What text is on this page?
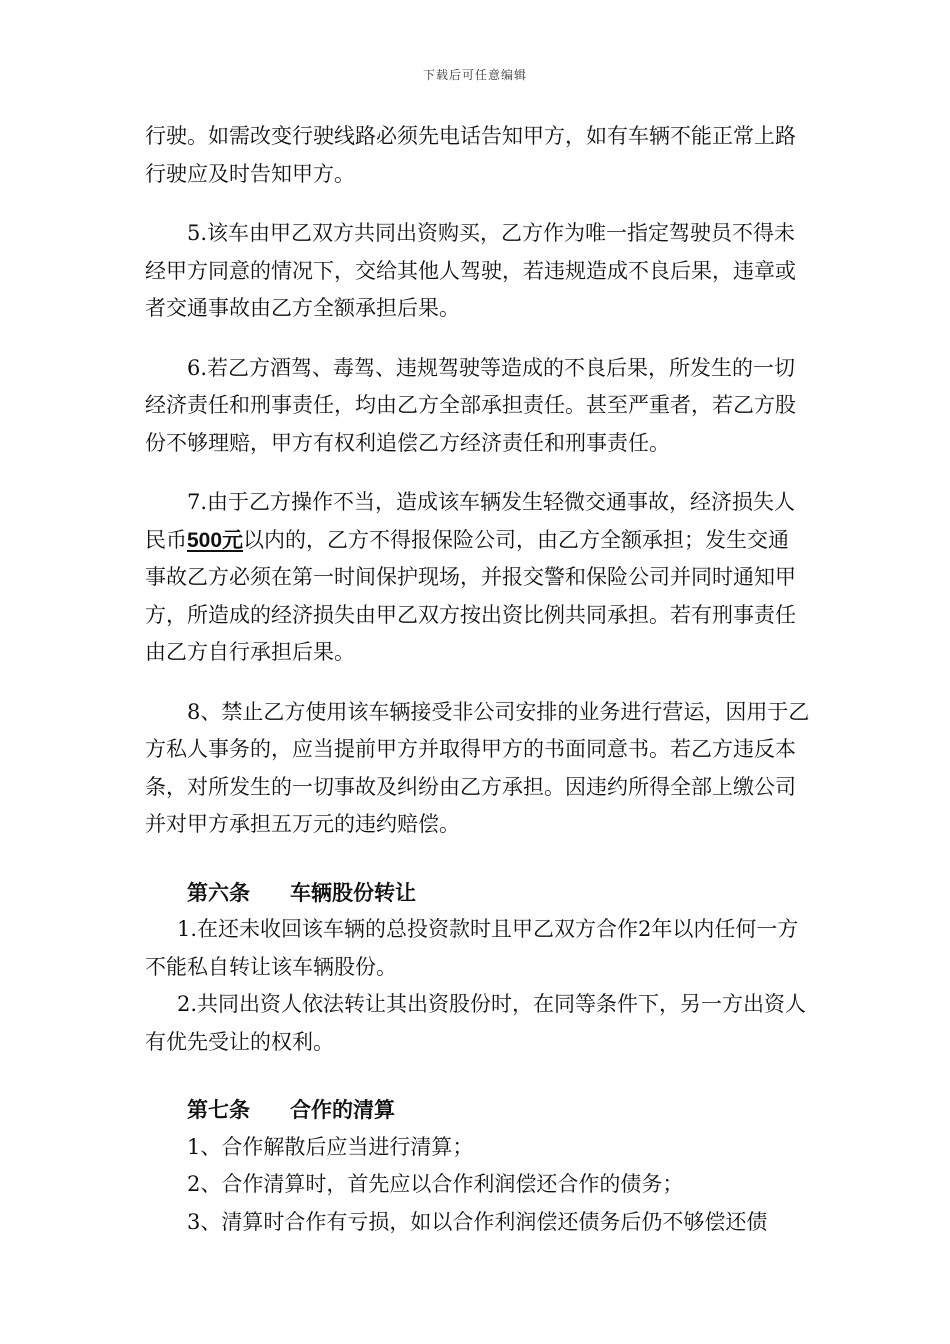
下载后可任意编辑

行驶。如需改变行驶线路必须先电话告知甲方，如有车辆不能正常上路行驶应及时告知甲方。

5.该车由甲乙双方共同出资购买，乙方作为唯一指定驾驶员不得未经甲方同意的情况下，交给其他人驾驶，若违规造成不良后果，违章或者交通事故由乙方全额承担后果。

6.若乙方酒驾、毒驾、违规驾驶等造成的不良后果，所发生的一切经济责任和刑事责任，均由乙方全部承担责任。甚至严重者，若乙方股份不够理赔，甲方有权利追偿乙方经济责任和刑事责任。

7.由于乙方操作不当，造成该车辆发生轻微交通事故，经济损失人民币500元以内的，乙方不得报保险公司，由乙方全额承担；发生交通事故乙方必须在第一时间保护现场，并报交警和保险公司并同时通知甲方，所造成的经济损失由甲乙双方按出资比例共同承担。若有刑事责任由乙方自行承担后果。

8、禁止乙方使用该车辆接受非公司安排的业务进行营运，因用于乙方私人事务的，应当提前甲方并取得甲方的书面同意书。若乙方违反本条，对所发生的一切事故及纠纷由乙方承担。因违约所得全部上缴公司并对甲方承担五万元的违约赔偿。

第六条 车辆股份转让

1.在还未收回该车辆的总投资款时且甲乙双方合作2年以内任何一方不能私自转让该车辆股份。

2.共同出资人依法转让其出资股份时，在同等条件下，另一方出资人有优先受让的权利。

第七条 合作的清算

1、合作解散后应当进行清算；

2、合作清算时，首先应以合作利润偿还合作的债务；

3、清算时合作有亏损，如以合作利润偿还债务后仍不够偿还债
